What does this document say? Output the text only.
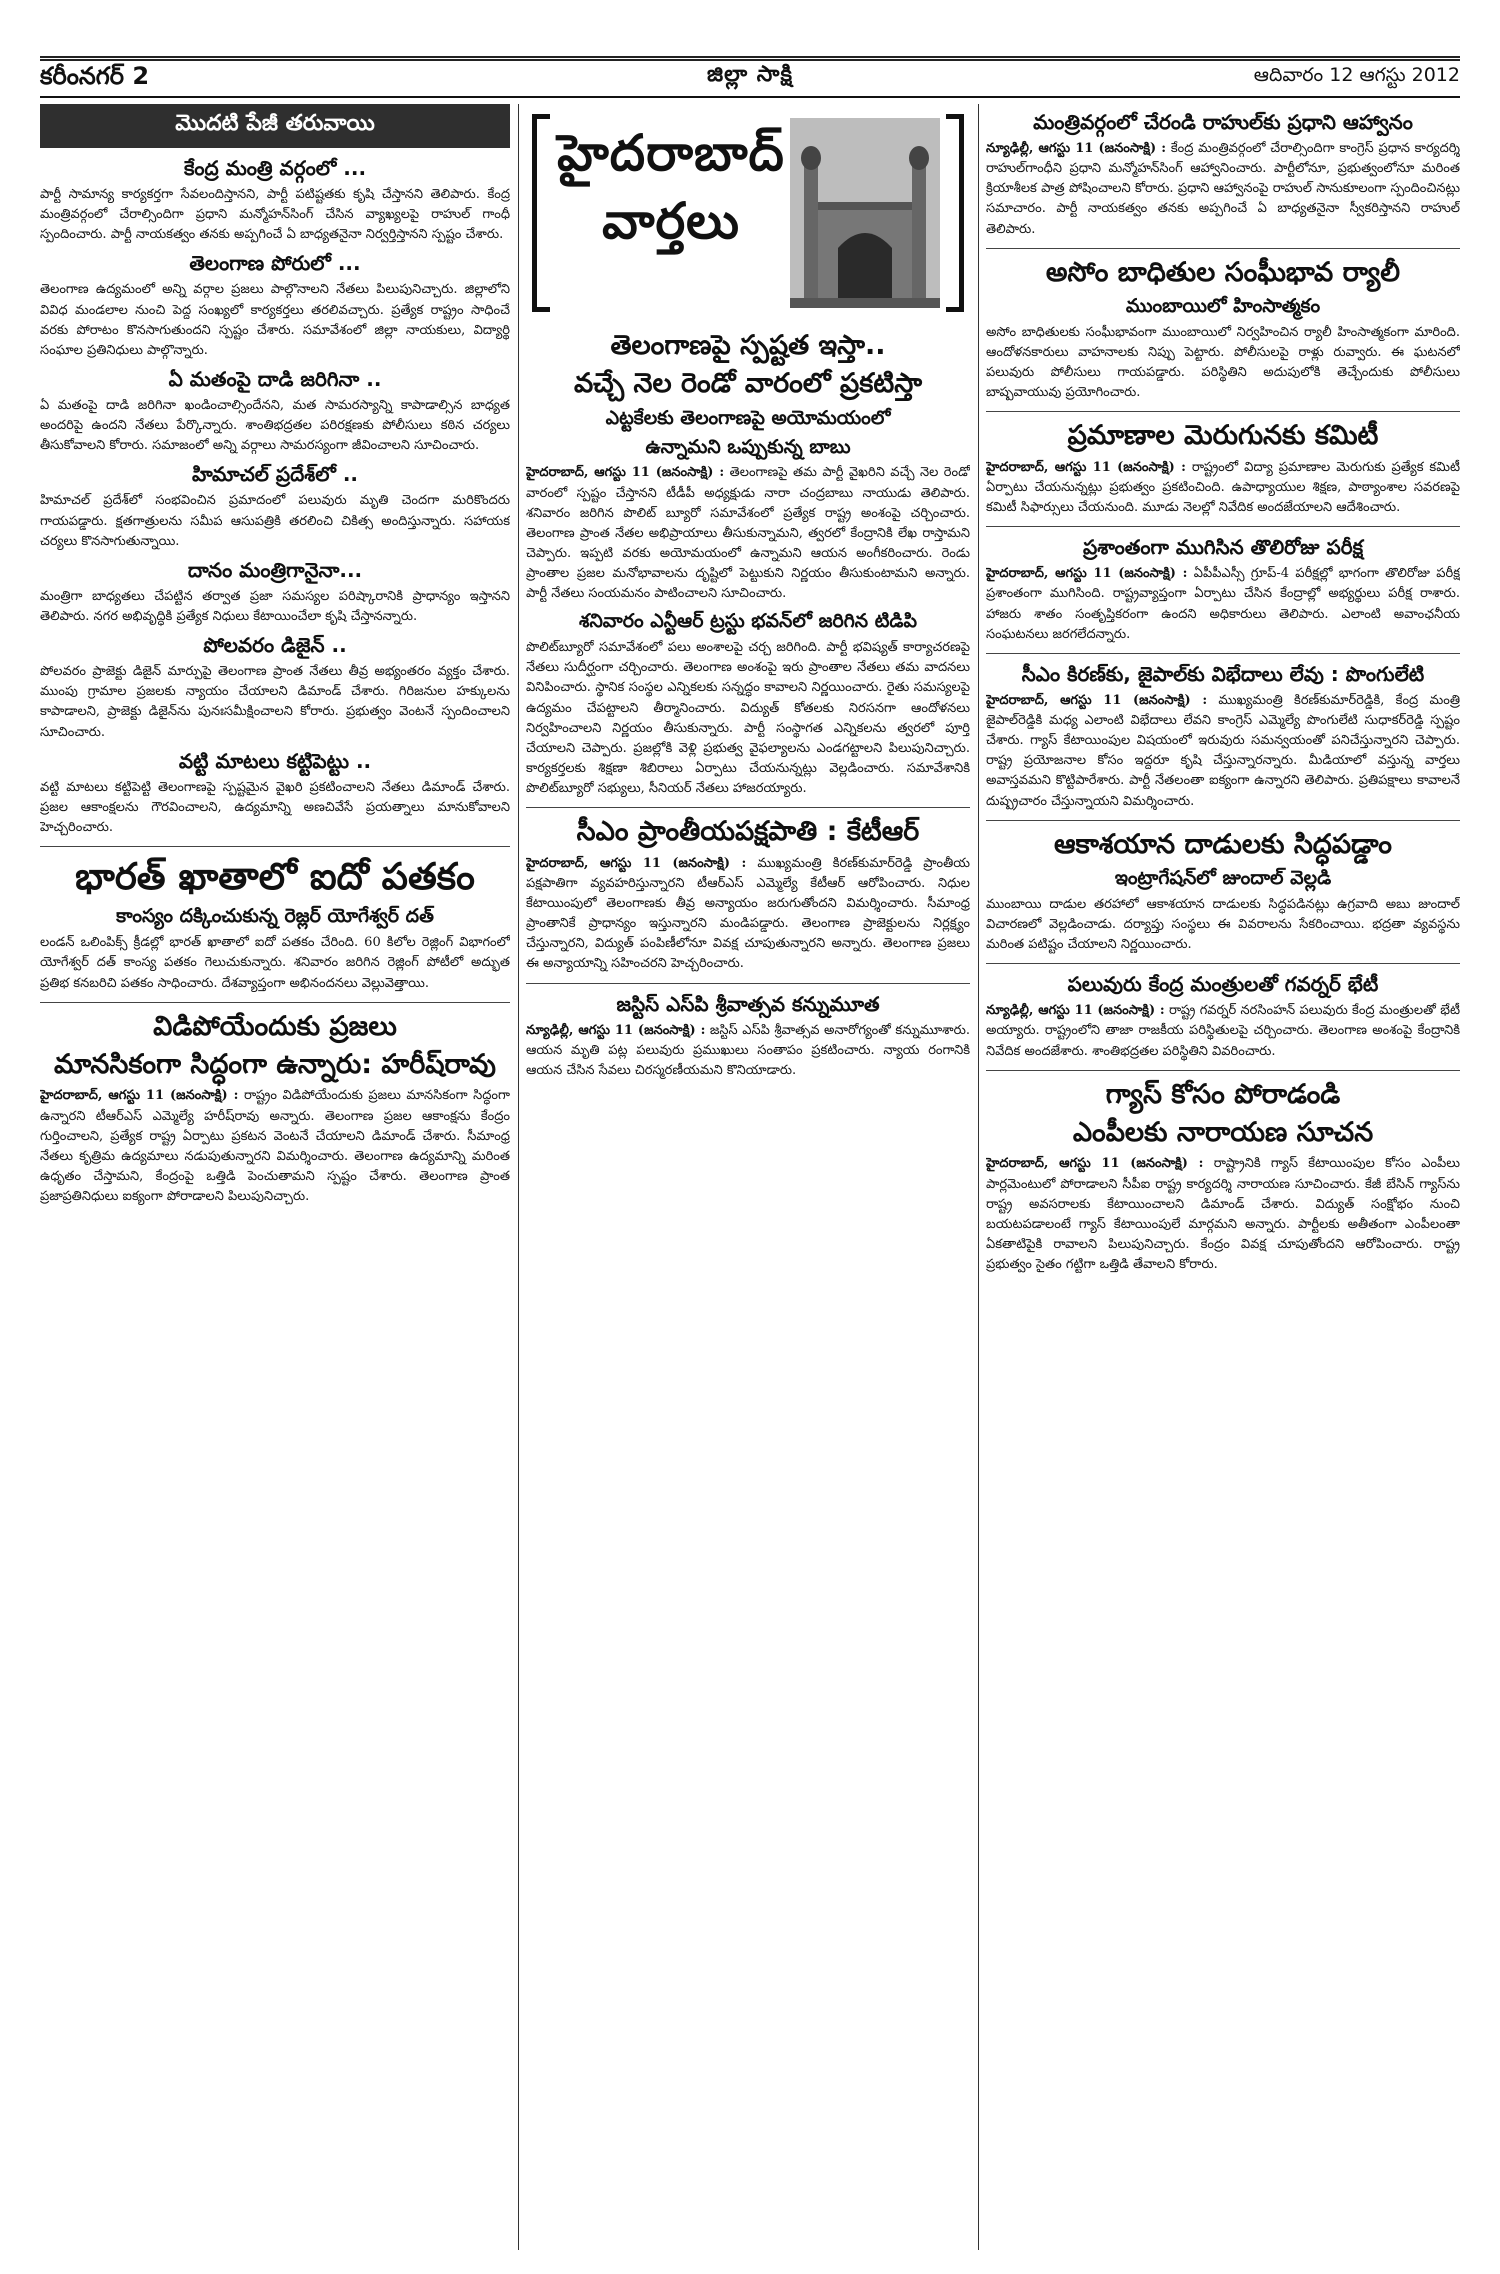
కరీంనగర్‌ 2	జిల్లా సాక్షి	ఆదివారం 12 ఆగస్టు 2012
మొదటి పేజీ తరువాయి
కేంద్ర మంత్రి వర్గంలో ...

పార్టీ సామాన్య కార్యకర్తగా సేవలందిస్తానని, పార్టీ పటిష్టతకు కృషి చేస్తానని తెలిపారు. కేంద్ర మంత్రివర్గంలో చేరాల్సిందిగా ప్రధాని మన్మోహన్‌సింగ్‌ చేసిన వ్యాఖ్యలపై రాహుల్‌ గాంధీ స్పందించారు. పార్టీ నాయకత్వం తనకు అప్పగించే ఏ బాధ్యతనైనా నిర్వర్తిస్తానని స్పష్టం చేశారు.

తెలంగాణ పోరులో ...

తెలంగాణ ఉద్యమంలో అన్ని వర్గాల ప్రజలు పాల్గొనాలని నేతలు పిలుపునిచ్చారు. జిల్లాలోని వివిధ మండలాల నుంచి పెద్ద సంఖ్యలో కార్యకర్తలు తరలివచ్చారు. ప్రత్యేక రాష్ట్రం సాధించే వరకు పోరాటం కొనసాగుతుందని స్పష్టం చేశారు. సమావేశంలో జిల్లా నాయకులు, విద్యార్థి సంఘాల ప్రతినిధులు పాల్గొన్నారు.

ఏ మతంపై దాడి జరిగినా ..

ఏ మతంపై దాడి జరిగినా ఖండించాల్సిందేనని, మత సామరస్యాన్ని కాపాడాల్సిన బాధ్యత అందరిపై ఉందని నేతలు పేర్కొన్నారు. శాంతిభద్రతల పరిరక్షణకు పోలీసులు కఠిన చర్యలు తీసుకోవాలని కోరారు. సమాజంలో అన్ని వర్గాలు సామరస్యంగా జీవించాలని సూచించారు.

హిమాచల్‌ ప్రదేశ్‌లో ..

హిమాచల్‌ ప్రదేశ్‌లో సంభవించిన ప్రమాదంలో పలువురు మృతి చెందగా మరికొందరు గాయపడ్డారు. క్షతగాత్రులను సమీప ఆసుపత్రికి తరలించి చికిత్స అందిస్తున్నారు. సహాయక చర్యలు కొనసాగుతున్నాయి.

దానం మంత్రిగానైనా...

మంత్రిగా బాధ్యతలు చేపట్టిన తర్వాత ప్రజా సమస్యల పరిష్కారానికి ప్రాధాన్యం ఇస్తానని తెలిపారు. నగర అభివృద్ధికి ప్రత్యేక నిధులు కేటాయించేలా కృషి చేస్తానన్నారు.

పోలవరం డిజైన్‌ ..

పోలవరం ప్రాజెక్టు డిజైన్‌ మార్పుపై తెలంగాణ ప్రాంత నేతలు తీవ్ర అభ్యంతరం వ్యక్తం చేశారు. ముంపు గ్రామాల ప్రజలకు న్యాయం చేయాలని డిమాండ్‌ చేశారు. గిరిజనుల హక్కులను కాపాడాలని, ప్రాజెక్టు డిజైన్‌ను పునఃసమీక్షించాలని కోరారు. ప్రభుత్వం వెంటనే స్పందించాలని సూచించారు.

వట్టి మాటలు కట్టిపెట్టు ..

వట్టి మాటలు కట్టిపెట్టి తెలంగాణపై స్పష్టమైన వైఖరి ప్రకటించాలని నేతలు డిమాండ్‌ చేశారు. ప్రజల ఆకాంక్షలను గౌరవించాలని, ఉద్యమాన్ని అణచివేసే ప్రయత్నాలు మానుకోవాలని హెచ్చరించారు.

భారత్‌ ఖాతాలో ఐదో పతకం
కాంస్యం దక్కించుకున్న రెజ్లర్‌ యోగేశ్వర్‌ దత్‌

లండన్‌ ఒలింపిక్స్‌ క్రీడల్లో భారత్‌ ఖాతాలో ఐదో పతకం చేరింది. 60 కిలోల రెజ్లింగ్‌ విభాగంలో యోగేశ్వర్‌ దత్‌ కాంస్య పతకం గెలుచుకున్నారు. శనివారం జరిగిన రెజ్లింగ్‌ పోటీలో అద్భుత ప్రతిభ కనబరిచి పతకం సాధించారు. దేశవ్యాప్తంగా అభినందనలు వెల్లువెత్తాయి.

విడిపోయేందుకు ప్రజలు
మానసికంగా సిద్ధంగా ఉన్నారు: హరీష్‌రావు

హైదరాబాద్‌, ఆగస్టు 11 (జనంసాక్షి) : రాష్ట్రం విడిపోయేందుకు ప్రజలు మానసికంగా సిద్ధంగా ఉన్నారని టీఆర్‌ఎస్‌ ఎమ్మెల్యే హరీష్‌రావు అన్నారు. తెలంగాణ ప్రజల ఆకాంక్షను కేంద్రం గుర్తించాలని, ప్రత్యేక రాష్ట్ర ఏర్పాటు ప్రకటన వెంటనే చేయాలని డిమాండ్‌ చేశారు. సీమాంధ్ర నేతలు కృత్రిమ ఉద్యమాలు నడుపుతున్నారని విమర్శించారు. తెలంగాణ ఉద్యమాన్ని మరింత ఉధృతం చేస్తామని, కేంద్రంపై ఒత్తిడి పెంచుతామని స్పష్టం చేశారు. తెలంగాణ ప్రాంత ప్రజాప్రతినిధులు ఐక్యంగా పోరాడాలని పిలుపునిచ్చారు.

హైదరాబాద్‌ వార్తలు
తెలంగాణపై స్పష్టత ఇస్తా..
వచ్చే నెల రెండో వారంలో ప్రకటిస్తా
ఎట్టకేలకు తెలంగాణపై అయోమయంలో
ఉన్నామని ఒప్పుకున్న బాబు

హైదరాబాద్‌, ఆగస్టు 11 (జనంసాక్షి) : తెలంగాణపై తమ పార్టీ వైఖరిని వచ్చే నెల రెండో వారంలో స్పష్టం చేస్తానని టీడీపీ అధ్యక్షుడు నారా చంద్రబాబు నాయుడు తెలిపారు. శనివారం జరిగిన పొలిట్‌ బ్యూరో సమావేశంలో ప్రత్యేక రాష్ట్ర అంశంపై చర్చించారు. తెలంగాణ ప్రాంత నేతల అభిప్రాయాలు తీసుకున్నామని, త్వరలో కేంద్రానికి లేఖ రాస్తామని చెప్పారు. ఇప్పటి వరకు అయోమయంలో ఉన్నామని ఆయన అంగీకరించారు. రెండు ప్రాంతాల ప్రజల మనోభావాలను దృష్టిలో పెట్టుకుని నిర్ణయం తీసుకుంటామని అన్నారు. పార్టీ నేతలు సంయమనం పాటించాలని సూచించారు.

శనివారం ఎన్టీఆర్‌ ట్రస్టు భవన్‌లో జరిగిన టిడిపి

పొలిట్‌బ్యూరో సమావేశంలో పలు అంశాలపై చర్చ జరిగింది. పార్టీ భవిష్యత్‌ కార్యాచరణపై నేతలు సుదీర్ఘంగా చర్చించారు. తెలంగాణ అంశంపై ఇరు ప్రాంతాల నేతలు తమ వాదనలు వినిపించారు. స్థానిక సంస్థల ఎన్నికలకు సన్నద్ధం కావాలని నిర్ణయించారు. రైతు సమస్యలపై ఉద్యమం చేపట్టాలని తీర్మానించారు. విద్యుత్‌ కోతలకు నిరసనగా ఆందోళనలు నిర్వహించాలని నిర్ణయం తీసుకున్నారు. పార్టీ సంస్థాగత ఎన్నికలను త్వరలో పూర్తి చేయాలని చెప్పారు. ప్రజల్లోకి వెళ్లి ప్రభుత్వ వైఫల్యాలను ఎండగట్టాలని పిలుపునిచ్చారు. కార్యకర్తలకు శిక్షణా శిబిరాలు ఏర్పాటు చేయనున్నట్లు వెల్లడించారు. సమావేశానికి పొలిట్‌బ్యూరో సభ్యులు, సీనియర్‌ నేతలు హాజరయ్యారు.

సీఎం ప్రాంతీయపక్షపాతి : కేటీఆర్‌

హైదరాబాద్‌, ఆగస్టు 11 (జనంసాక్షి) : ముఖ్యమంత్రి కిరణ్‌కుమార్‌రెడ్డి ప్రాంతీయ పక్షపాతిగా వ్యవహరిస్తున్నారని టీఆర్‌ఎస్‌ ఎమ్మెల్యే కేటీఆర్‌ ఆరోపించారు. నిధుల కేటాయింపులో తెలంగాణకు తీవ్ర అన్యాయం జరుగుతోందని విమర్శించారు. సీమాంధ్ర ప్రాంతానికే ప్రాధాన్యం ఇస్తున్నారని మండిపడ్డారు. తెలంగాణ ప్రాజెక్టులను నిర్లక్ష్యం చేస్తున్నారని, విద్యుత్‌ పంపిణీలోనూ వివక్ష చూపుతున్నారని అన్నారు. తెలంగాణ ప్రజలు ఈ అన్యాయాన్ని సహించరని హెచ్చరించారు.

జస్టిస్‌ ఎస్‌పి శ్రీవాత్సవ కన్నుమూత

న్యూఢిల్లీ, ఆగస్టు 11 (జనంసాక్షి) : జస్టిస్‌ ఎస్‌పి శ్రీవాత్సవ అనారోగ్యంతో కన్నుమూశారు. ఆయన మృతి పట్ల పలువురు ప్రముఖులు సంతాపం ప్రకటించారు. న్యాయ రంగానికి ఆయన చేసిన సేవలు చిరస్మరణీయమని కొనియాడారు.

మంత్రివర్గంలో చేరండి రాహుల్‌కు ప్రధాని ఆహ్వానం

న్యూఢిల్లీ, ఆగస్టు 11 (జనంసాక్షి) : కేంద్ర మంత్రివర్గంలో చేరాల్సిందిగా కాంగ్రెస్‌ ప్రధాన కార్యదర్శి రాహుల్‌గాంధీని ప్రధాని మన్మోహన్‌సింగ్‌ ఆహ్వానించారు. పార్టీలోనూ, ప్రభుత్వంలోనూ మరింత క్రియాశీలక పాత్ర పోషించాలని కోరారు. ప్రధాని ఆహ్వానంపై రాహుల్‌ సానుకూలంగా స్పందించినట్లు సమాచారం. పార్టీ నాయకత్వం తనకు అప్పగించే ఏ బాధ్యతనైనా స్వీకరిస్తానని రాహుల్‌ తెలిపారు.

అసోం బాధితుల సంఘీభావ ర్యాలీ
ముంబాయిలో హింసాత్మకం

అసోం బాధితులకు సంఘీభావంగా ముంబాయిలో నిర్వహించిన ర్యాలీ హింసాత్మకంగా మారింది. ఆందోళనకారులు వాహనాలకు నిప్పు పెట్టారు. పోలీసులపై రాళ్లు రువ్వారు. ఈ ఘటనలో పలువురు పోలీసులు గాయపడ్డారు. పరిస్థితిని అదుపులోకి తెచ్చేందుకు పోలీసులు బాష్పవాయువు ప్రయోగించారు.

ప్రమాణాల మెరుగునకు కమిటీ

హైదరాబాద్‌, ఆగస్టు 11 (జనంసాక్షి) : రాష్ట్రంలో విద్యా ప్రమాణాల మెరుగుకు ప్రత్యేక కమిటీ ఏర్పాటు చేయనున్నట్లు ప్రభుత్వం ప్రకటించింది. ఉపాధ్యాయుల శిక్షణ, పాఠ్యాంశాల సవరణపై కమిటీ సిఫార్సులు చేయనుంది. మూడు నెలల్లో నివేదిక అందజేయాలని ఆదేశించారు.

ప్రశాంతంగా ముగిసిన తొలిరోజు పరీక్ష

హైదరాబాద్‌, ఆగస్టు 11 (జనంసాక్షి) : ఏపీపీఎస్సీ గ్రూప్‌-4 పరీక్షల్లో భాగంగా తొలిరోజు పరీక్ష ప్రశాంతంగా ముగిసింది. రాష్ట్రవ్యాప్తంగా ఏర్పాటు చేసిన కేంద్రాల్లో అభ్యర్థులు పరీక్ష రాశారు. హాజరు శాతం సంతృప్తికరంగా ఉందని అధికారులు తెలిపారు. ఎలాంటి అవాంఛనీయ సంఘటనలు జరగలేదన్నారు.

సీఎం కిరణ్‌కు, జైపాల్‌కు విభేదాలు లేవు : పొంగులేటి

హైదరాబాద్‌, ఆగస్టు 11 (జనంసాక్షి) : ముఖ్యమంత్రి కిరణ్‌కుమార్‌రెడ్డికి, కేంద్ర మంత్రి జైపాల్‌రెడ్డికి మధ్య ఎలాంటి విభేదాలు లేవని కాంగ్రెస్‌ ఎమ్మెల్యే పొంగులేటి సుధాకర్‌రెడ్డి స్పష్టం చేశారు. గ్యాస్‌ కేటాయింపుల విషయంలో ఇరువురు సమన్వయంతో పనిచేస్తున్నారని చెప్పారు. రాష్ట్ర ప్రయోజనాల కోసం ఇద్దరూ కృషి చేస్తున్నారన్నారు. మీడియాలో వస్తున్న వార్తలు అవాస్తవమని కొట్టిపారేశారు. పార్టీ నేతలంతా ఐక్యంగా ఉన్నారని తెలిపారు. ప్రతిపక్షాలు కావాలనే దుష్ప్రచారం చేస్తున్నాయని విమర్శించారు.

ఆకాశయాన దాడులకు సిద్ధపడ్డాం
ఇంట్రాగేషన్‌లో జుందాల్‌ వెల్లడి

ముంబాయి దాడుల తరహాలో ఆకాశయాన దాడులకు సిద్ధపడినట్లు ఉగ్రవాది అబు జుందాల్‌ విచారణలో వెల్లడించాడు. దర్యాప్తు సంస్థలు ఈ వివరాలను సేకరించాయి. భద్రతా వ్యవస్థను మరింత పటిష్టం చేయాలని నిర్ణయించారు.

పలువురు కేంద్ర మంత్రులతో గవర్నర్‌ భేటీ

న్యూఢిల్లీ, ఆగస్టు 11 (జనంసాక్షి) : రాష్ట్ర గవర్నర్‌ నరసింహన్‌ పలువురు కేంద్ర మంత్రులతో భేటీ అయ్యారు. రాష్ట్రంలోని తాజా రాజకీయ పరిస్థితులపై చర్చించారు. తెలంగాణ అంశంపై కేంద్రానికి నివేదిక అందజేశారు. శాంతిభద్రతల పరిస్థితిని వివరించారు.

గ్యాస్‌ కోసం పోరాడండి
ఎంపీలకు నారాయణ సూచన

హైదరాబాద్‌, ఆగస్టు 11 (జనంసాక్షి) : రాష్ట్రానికి గ్యాస్‌ కేటాయింపుల కోసం ఎంపీలు పార్లమెంటులో పోరాడాలని సీపీఐ రాష్ట్ర కార్యదర్శి నారాయణ సూచించారు. కేజీ బేసిన్‌ గ్యాస్‌ను రాష్ట్ర అవసరాలకు కేటాయించాలని డిమాండ్‌ చేశారు. విద్యుత్‌ సంక్షోభం నుంచి బయటపడాలంటే గ్యాస్‌ కేటాయింపులే మార్గమని అన్నారు. పార్టీలకు అతీతంగా ఎంపీలంతా ఏకతాటిపైకి రావాలని పిలుపునిచ్చారు. కేంద్రం వివక్ష చూపుతోందని ఆరోపించారు. రాష్ట్ర ప్రభుత్వం సైతం గట్టిగా ఒత్తిడి తేవాలని కోరారు.
